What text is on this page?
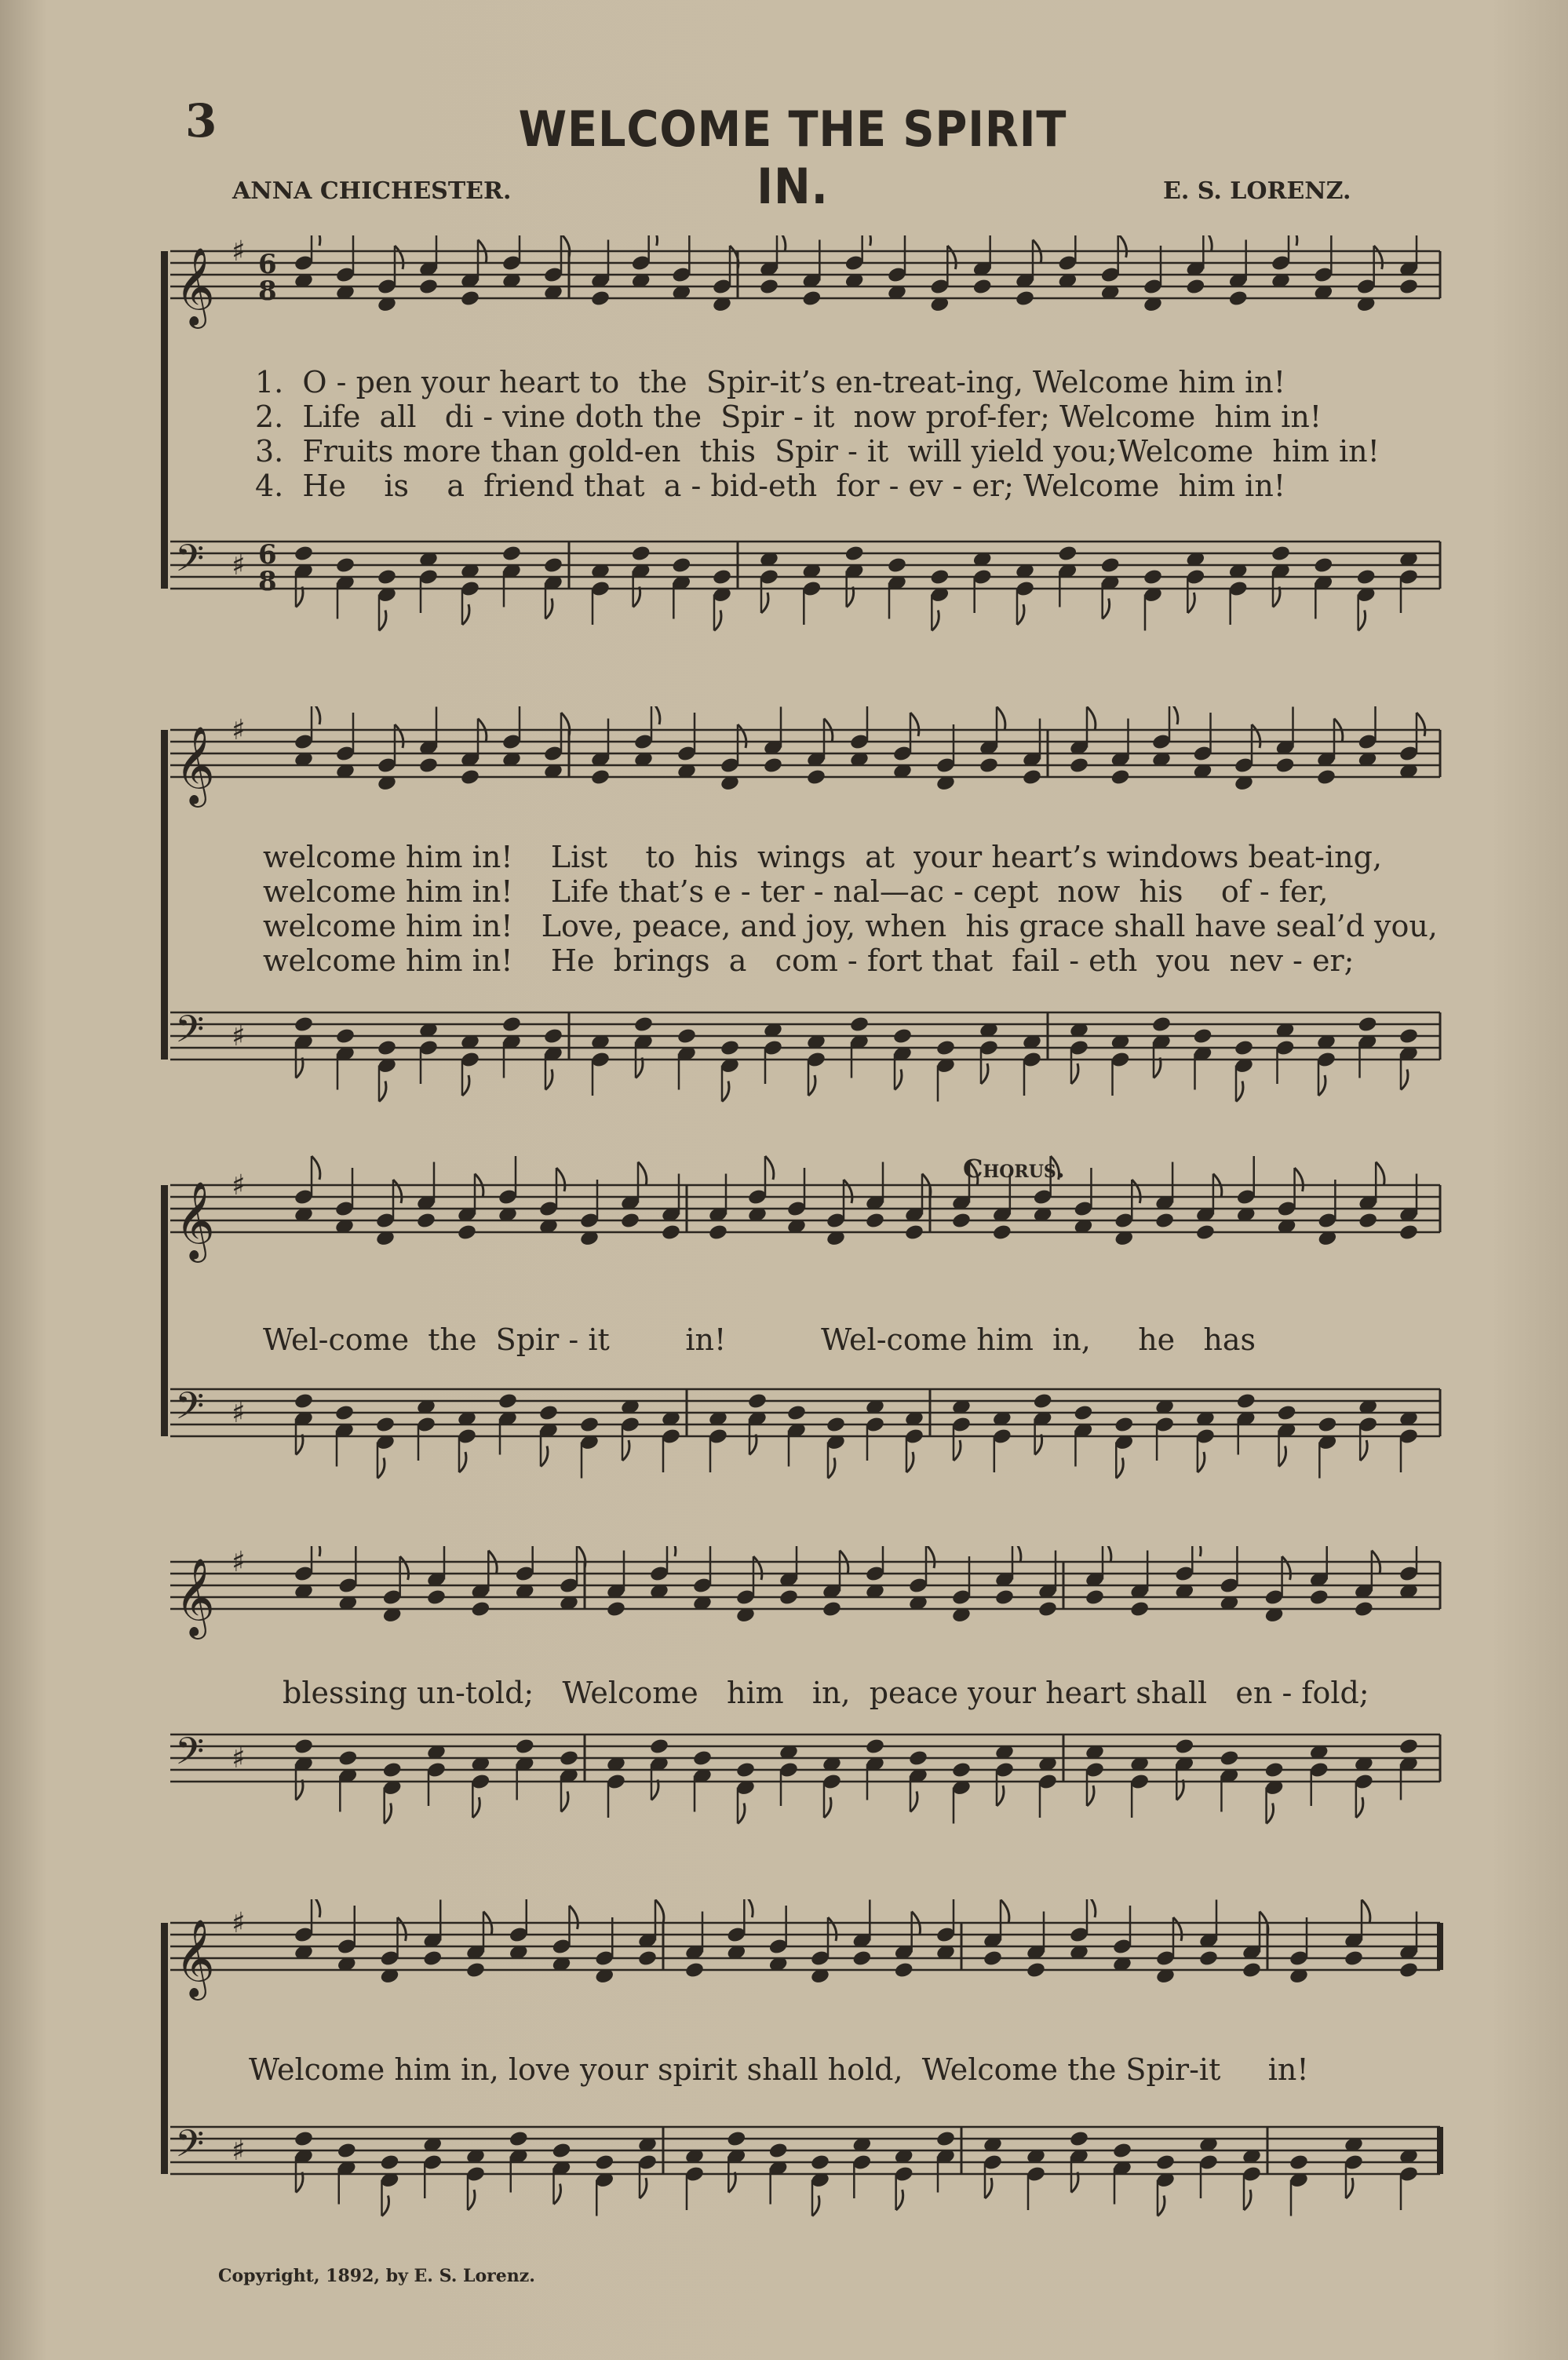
3	WELCOME THE SPIRIT IN.
ANNA CHICHESTER.	E. S. LORENZ.
𝄞 ♯ 6
8
𝄢 ♯ 6
8
1.  O - pen your heart to  the  Spir-it’s en-treat-ing, Welcome him in!
2.  Life  all   di - vine doth the  Spir - it  now prof-fer; Welcome  him in!
3.  Fruits more than gold-en  this  Spir - it  will yield you;Welcome  him in!
4.  He    is    a  friend that  a - bid-eth  for - ev - er; Welcome  him in!
𝄞 ♯
𝄢 ♯
welcome him in!    List    to  his  wings  at  your heart’s windows beat-ing,
welcome him in!    Life that’s e - ter - nal—ac - cept  now  his    of - fer,
welcome him in!   Love, peace, and joy, when  his grace shall have seal’d you,
welcome him in!    He  brings  a   com - fort that  fail - eth  you  nev - er;
𝄞 ♯
𝄢 ♯
Chorus.
Wel-come  the  Spir - it        in!          Wel-come him  in,     he   has
𝄞 ♯
𝄢 ♯
blessing un-told;   Welcome   him   in,  peace your heart shall   en - fold;
𝄞 ♯
𝄢 ♯
Welcome him in, love your spirit shall hold,  Welcome the Spir-it     in!
Copyright, 1892, by E. S. Lorenz.
